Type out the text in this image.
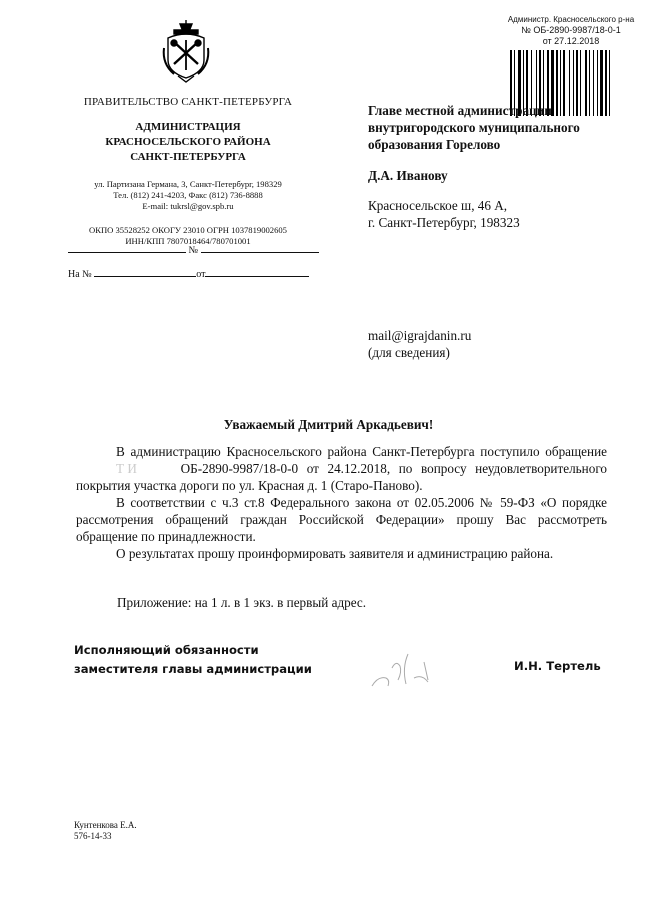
Администр. Красносельского р-на
№ ОБ-2890-9987/18-0-1
от 27.12.2018
ПРАВИТЕЛЬСТВО САНКТ-ПЕТЕРБУРГА
АДМИНИСТРАЦИЯ
КРАСНОСЕЛЬСКОГО РАЙОНА
САНКТ-ПЕТЕРБУРГА
ул. Партизана Германа, 3, Санкт-Петербург, 198329
Тел. (812) 241-4203, Факс (812) 736-8888
E-mail: tukrsl@gov.spb.ru
ОКПО 35528252 ОКОГУ 23010 ОГРН 1037819002605
ИНН/КПП 7807018464/780701001
№
На №	от
Главе местной администрации
внутригородского муниципального
образования Горелово
Д.А. Иванову
Красносельское ш, 46 А,
г. Санкт-Петербург, 198323
mail@igrajdanin.ru
(для сведения)
Уважаемый Дмитрий Аркадьевич!

В администрацию Красносельского района Санкт-Петербурга поступило обращение Т И	ОБ-2890-9987/18-0-0 от 24.12.2018, по вопросу неудовлетворительного покрытия участка дороги по ул. Красная д. 1 (Старо-Паново).

В соответствии с ч.3 ст.8 Федерального закона от 02.05.2006 № 59-ФЗ «О порядке рассмотрения обращений граждан Российской Федерации» прошу Вас рассмотреть обращение по принадлежности.

О результатах прошу проинформировать заявителя и администрацию района.

Приложение: на 1 л. в 1 экз. в первый адрес.
Исполняющий обязанности
заместителя главы администрации	И.Н. Тертель
Кунтенкова Е.А.
576-14-33
